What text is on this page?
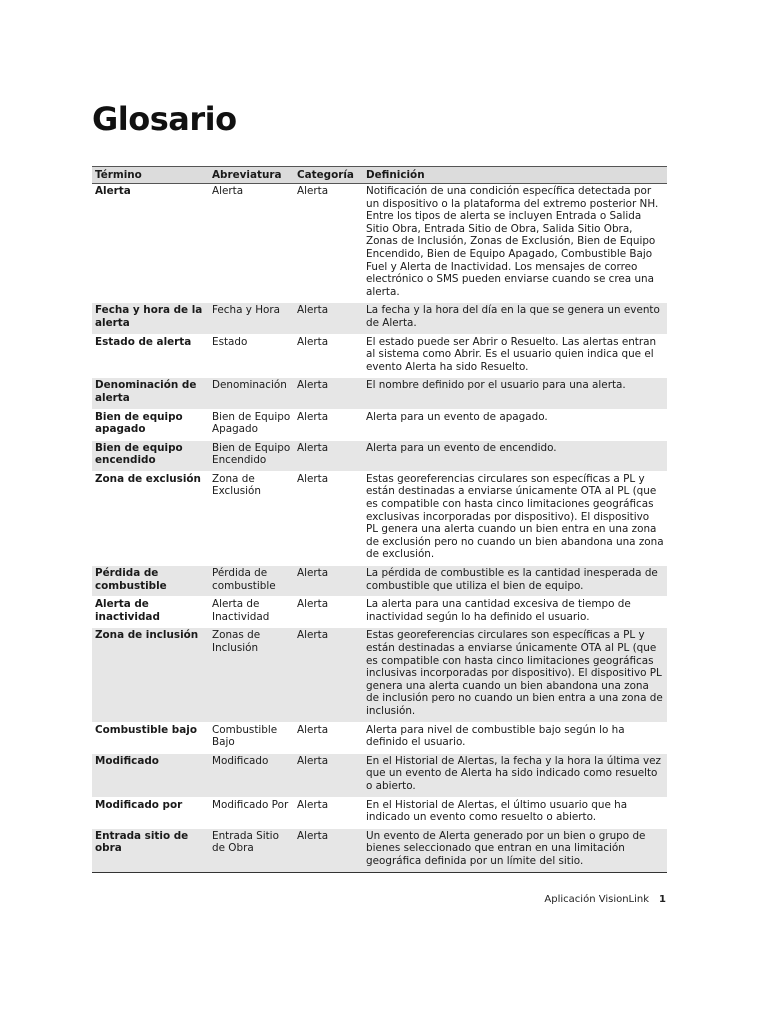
Glosario
Término	Abreviatura	Categoría	Definición
Alerta	Alerta	Alerta	Notificación de una condición específica detectada por un dispositivo o la plataforma del extremo posterior NH. Entre los tipos de alerta se incluyen Entrada o Salida Sitio Obra, Entrada Sitio de Obra, Salida Sitio Obra, Zonas de Inclusión, Zonas de Exclusión, Bien de Equipo Encendido, Bien de Equipo Apagado, Combustible Bajo Fuel y Alerta de Inactividad. Los mensajes de correo electrónico o SMS pueden enviarse cuando se crea una alerta.
Fecha y hora de la alerta	Fecha y Hora	Alerta	La fecha y la hora del día en la que se genera un evento de Alerta.
Estado de alerta	Estado	Alerta	El estado puede ser Abrir o Resuelto. Las alertas entran al sistema como Abrir. Es el usuario quien indica que el evento Alerta ha sido Resuelto.
Denominación de alerta	Denominación	Alerta	El nombre definido por el usuario para una alerta.
Bien de equipo apagado	Bien de Equipo Apagado	Alerta	Alerta para un evento de apagado.
Bien de equipo encendido	Bien de Equipo Encendido	Alerta	Alerta para un evento de encendido.
Zona de exclusión	Zona de Exclusión	Alerta	Estas georeferencias circulares son específicas a PL y están destinadas a enviarse únicamente OTA al PL (que es compatible con hasta cinco limitaciones geográficas exclusivas incorporadas por dispositivo). El dispositivo PL genera una alerta cuando un bien entra en una zona de exclusión pero no cuando un bien abandona una zona de exclusión.
Pérdida de combustible	Pérdida de combustible	Alerta	La pérdida de combustible es la cantidad inesperada de combustible que utiliza el bien de equipo.
Alerta de inactividad	Alerta de Inactividad	Alerta	La alerta para una cantidad excesiva de tiempo de inactividad según lo ha definido el usuario.
Zona de inclusión	Zonas de Inclusión	Alerta	Estas georeferencias circulares son específicas a PL y están destinadas a enviarse únicamente OTA al PL (que es compatible con hasta cinco limitaciones geográficas inclusivas incorporadas por dispositivo). El dispositivo PL genera una alerta cuando un bien abandona una zona de inclusión pero no cuando un bien entra a una zona de inclusión.
Combustible bajo	Combustible Bajo	Alerta	Alerta para nivel de combustible bajo según lo ha definido el usuario.
Modificado	Modificado	Alerta	En el Historial de Alertas, la fecha y la hora la última vez que un evento de Alerta ha sido indicado como resuelto o abierto.
Modificado por	Modificado Por	Alerta	En el Historial de Alertas, el último usuario que ha indicado un evento como resuelto o abierto.
Entrada sitio de obra	Entrada Sitio de Obra	Alerta	Un evento de Alerta generado por un bien o grupo de bienes seleccionado que entran en una limitación geográfica definida por un límite del sitio.
Aplicación VisionLink 1
